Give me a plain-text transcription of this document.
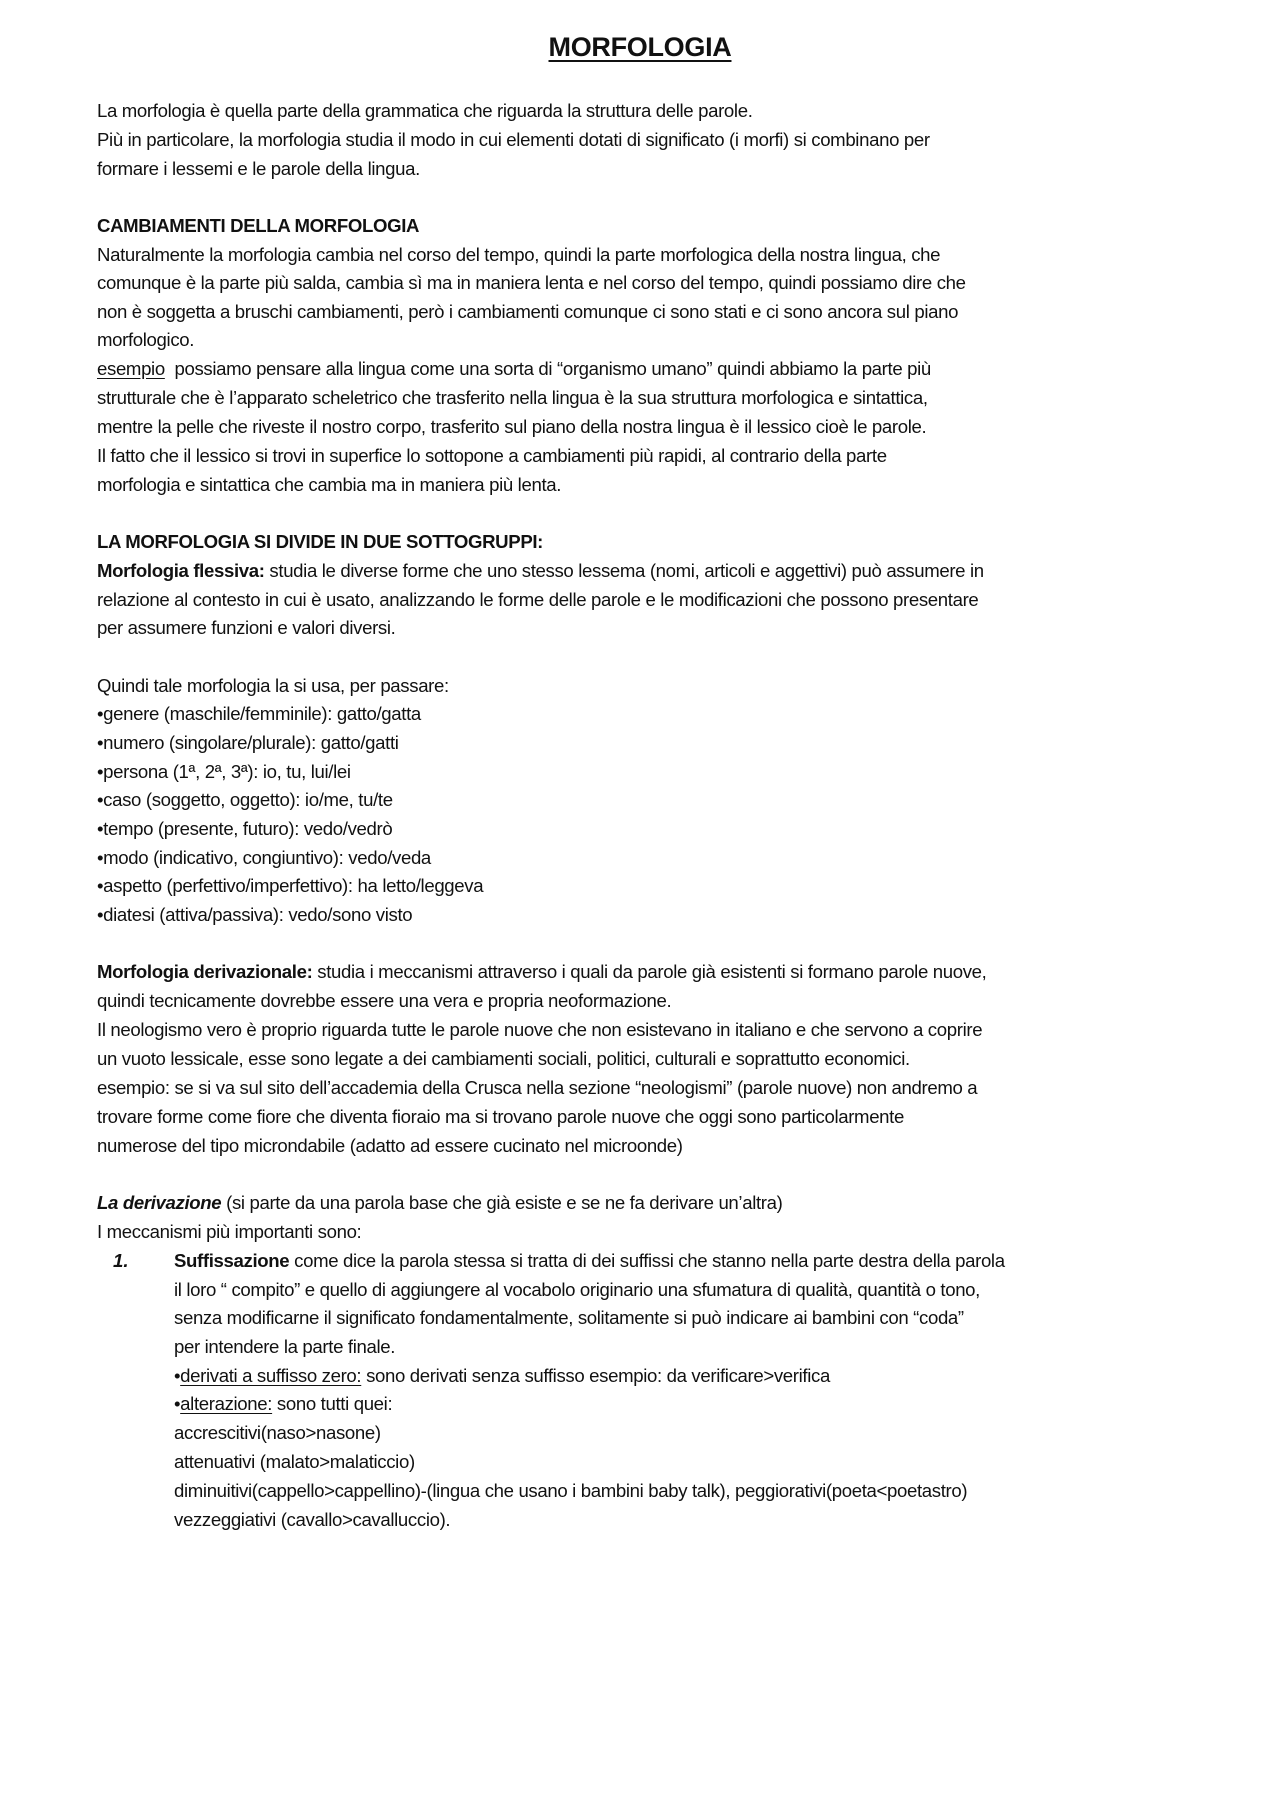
MORFOLOGIA
La morfologia è quella parte della grammatica che riguarda la struttura delle parole.
Più in particolare, la morfologia studia il modo in cui elementi dotati di significato (i morfi) si combinano per
formare i lessemi e le parole della lingua.
CAMBIAMENTI DELLA MORFOLOGIA
Naturalmente la morfologia cambia nel corso del tempo, quindi la parte morfologica della nostra lingua, che
comunque è la parte più salda, cambia sì ma in maniera lenta e nel corso del tempo, quindi possiamo dire che
non è soggetta a bruschi cambiamenti, però i cambiamenti comunque ci sono stati e ci sono ancora sul piano
morfologico.
esempio  possiamo pensare alla lingua come una sorta di “organismo umano” quindi abbiamo la parte più
strutturale che è l’apparato scheletrico che trasferito nella lingua è la sua struttura morfologica e sintattica,
mentre la pelle che riveste il nostro corpo, trasferito sul piano della nostra lingua è il lessico cioè le parole.
Il fatto che il lessico si trovi in superfice lo sottopone a cambiamenti più rapidi, al contrario della parte
morfologia e sintattica che cambia ma in maniera più lenta.
LA MORFOLOGIA SI DIVIDE IN DUE SOTTOGRUPPI:
Morfologia flessiva: studia le diverse forme che uno stesso lessema (nomi, articoli e aggettivi) può assumere in
relazione al contesto in cui è usato, analizzando le forme delle parole e le modificazioni che possono presentare
per assumere funzioni e valori diversi.
Quindi tale morfologia la si usa, per passare:
•genere (maschile/femminile): gatto/gatta
•numero (singolare/plurale): gatto/gatti
•persona (1ª, 2ª, 3ª): io, tu, lui/lei
•caso (soggetto, oggetto): io/me, tu/te
•tempo (presente, futuro): vedo/vedrò
•modo (indicativo, congiuntivo): vedo/veda
•aspetto (perfettivo/imperfettivo): ha letto/leggeva
•diatesi (attiva/passiva): vedo/sono visto
Morfologia derivazionale: studia i meccanismi attraverso i quali da parole già esistenti si formano parole nuove,
quindi tecnicamente dovrebbe essere una vera e propria neoformazione.
Il neologismo vero è proprio riguarda tutte le parole nuove che non esistevano in italiano e che servono a coprire
un vuoto lessicale, esse sono legate a dei cambiamenti sociali, politici, culturali e soprattutto economici.
esempio: se si va sul sito dell’accademia della Crusca nella sezione “neologismi” (parole nuove) non andremo a
trovare forme come fiore che diventa fioraio ma si trovano parole nuove che oggi sono particolarmente
numerose del tipo microndabile (adatto ad essere cucinato nel microonde)
La derivazione (si parte da una parola base che già esiste e se ne fa derivare un’altra)
I meccanismi più importanti sono:
1. Suffissazione come dice la parola stessa si tratta di dei suffissi che stanno nella parte destra della parola
il loro “ compito” e quello di aggiungere al vocabolo originario una sfumatura di qualità, quantità o tono,
senza modificarne il significato fondamentalmente, solitamente si può indicare ai bambini con “coda”
per intendere la parte finale.
•derivati a suffisso zero: sono derivati senza suffisso esempio: da verificare>verifica
•alterazione: sono tutti quei:
accrescitivi(naso>nasone)
attenuativi (malato>malaticcio)
diminuitivi(cappello>cappellino)-(lingua che usano i bambini baby talk), peggiorativi(poeta<poetastro)
vezzeggiativi (cavallo>cavalluccio).
